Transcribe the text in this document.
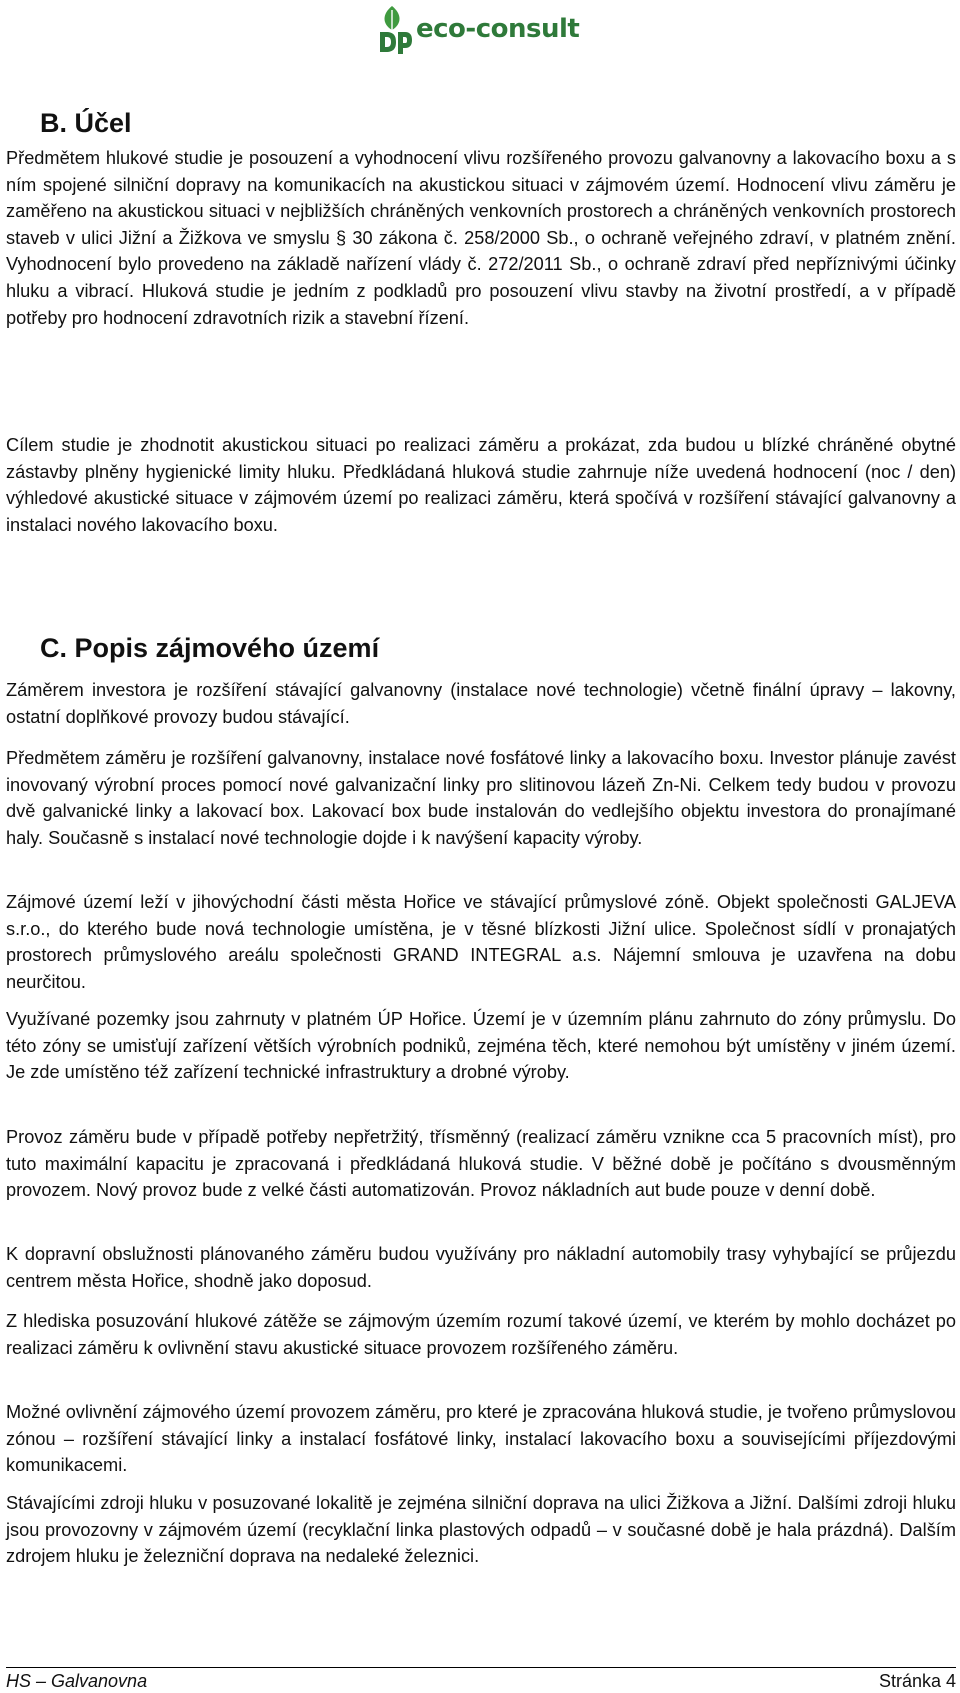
eco-consult
B. Účel

Předmětem hlukové studie je posouzení a vyhodnocení vlivu rozšířeného provozu galvanovny a lakovacího boxu a s ním spojené silniční dopravy na komunikacích na akustickou situaci v zájmovém území. Hodnocení vlivu záměru je zaměřeno na akustickou situaci v nejbližších chráněných venkovních prostorech a chráněných venkovních prostorech staveb v ulici Jižní a Žižkova ve smyslu § 30 zákona č. 258/2000 Sb., o ochraně veřejného zdraví, v platném znění. Vyhodnocení bylo provedeno na základě nařízení vlády č. 272/2011 Sb., o ochraně zdraví před nepříznivými účinky hluku a vibrací. Hluková studie je jedním z podkladů pro posouzení vlivu stavby na životní prostředí, a v případě potřeby pro hodnocení zdravotních rizik a stavební řízení.

Cílem studie je zhodnotit akustickou situaci po realizaci záměru a prokázat, zda budou u blízké chráněné obytné zástavby plněny hygienické limity hluku. Předkládaná hluková studie zahrnuje níže uvedená hodnocení (noc / den) výhledové akustické situace v zájmovém území po realizaci záměru, která spočívá v rozšíření stávající galvanovny a instalaci nového lakovacího boxu.

C. Popis zájmového území

Záměrem investora je rozšíření stávající galvanovny (instalace nové technologie) včetně finální úpravy – lakovny, ostatní doplňkové provozy budou stávající.

Předmětem záměru je rozšíření galvanovny, instalace nové fosfátové linky a lakovacího boxu. Investor plánuje zavést inovovaný výrobní proces pomocí nové galvanizační linky pro slitinovou lázeň Zn-Ni. Celkem tedy budou v provozu dvě galvanické linky a lakovací box. Lakovací box bude instalován do vedlejšího objektu investora do pronajímané haly. Současně s instalací nové technologie dojde i k navýšení kapacity výroby.

Zájmové území leží v jihovýchodní části města Hořice ve stávající průmyslové zóně. Objekt společnosti GALJEVA s.r.o., do kterého bude nová technologie umístěna, je v těsné blízkosti Jižní ulice. Společnost sídlí v pronajatých prostorech průmyslového areálu společnosti GRAND INTEGRAL a.s. Nájemní smlouva je uzavřena na dobu neurčitou.

Využívané pozemky jsou zahrnuty v platném ÚP Hořice. Území je v územním plánu zahrnuto do zóny průmyslu. Do této zóny se umisťují zařízení větších výrobních podniků, zejména těch, které nemohou být umístěny v jiném území. Je zde umístěno též zařízení technické infrastruktury a drobné výroby.

Provoz záměru bude v případě potřeby nepřetržitý, třísměnný (realizací záměru vznikne cca 5 pracovních míst), pro tuto maximální kapacitu je zpracovaná i předkládaná hluková studie. V běžné době je počítáno s dvousměnným provozem. Nový provoz bude z velké části automatizován. Provoz nákladních aut bude pouze v denní době.

K dopravní obslužnosti plánovaného záměru budou využívány pro nákladní automobily trasy vyhybající se průjezdu centrem města Hořice, shodně jako doposud.

Z hlediska posuzování hlukové zátěže se zájmovým územím rozumí takové území, ve kterém by mohlo docházet po realizaci záměru k ovlivnění stavu akustické situace provozem rozšířeného záměru.

Možné ovlivnění zájmového území provozem záměru, pro které je zpracována hluková studie, je tvořeno průmyslovou zónou – rozšíření stávající linky a instalací fosfátové linky, instalací lakovacího boxu a souvisejícími příjezdovými komunikacemi.

Stávajícími zdroji hluku v posuzované lokalitě je zejména silniční doprava na ulici Žižkova a Jižní. Dalšími zdroji hluku jsou provozovny v zájmovém území (recyklační linka plastových odpadů – v současné době je hala prázdná). Dalším zdrojem hluku je železniční doprava na nedaleké železnici.

HS – Galvanovna	Stránka 4
